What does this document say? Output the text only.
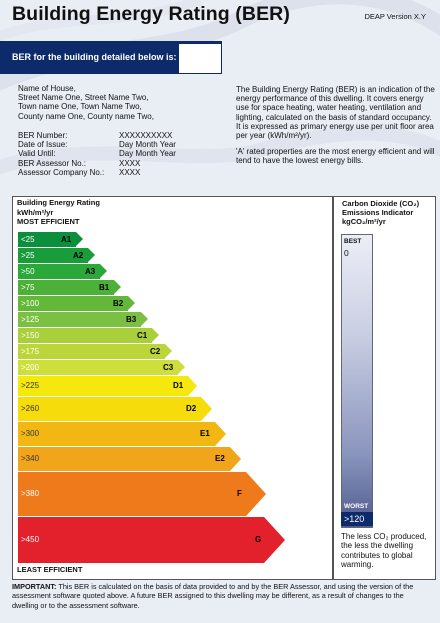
Building Energy Rating (BER)	DEAP Version X.Y
BER for the building detailed below is:
Name of House,
Street Name One, Street Name Two,
Town name One, Town Name Two,
County name One, County name Two,
BER Number:	XXXXXXXXXX
Date of Issue:	Day Month Year
Valid Until:	Day Month Year
BER Assessor No.:	XXXX
Assessor Company No.:	XXXX

The Building Energy Rating (BER) is an indication of the energy performance of this dwelling. It covers energy use for space heating, water heating, ventilation and lighting, calculated on the basis of standard occupancy. It is expressed as primary energy use per unit floor area per year (kWh/m²/yr).

'A' rated properties are the most energy efficient and will tend to have the lowest energy bills.

Building Energy Rating
kWh/m²/yr
MOST EFFICIENT
LEAST EFFICIENT
<25	A1
>25	A2
>50	A3
>75	B1
>100	B2
>125	B3
>150	C1
>175	C2
>200	C3
>225	D1
>260	D2
>300	E1
>340	E2
>380	F
>450	G
Carbon Dioxide (CO₂)
Emissions Indicator
kgCO₂/m²/yr
BEST
0
WORST
>120
The less CO₂ produced, the less the dwelling contributes to global warming.
IMPORTANT: This BER is calculated on the basis of data provided to and by the BER Assessor, and using the version of the assessment software quoted above. A future BER assigned to this dwelling may be different, as a result of changes to the dwelling or to the assessment software.
